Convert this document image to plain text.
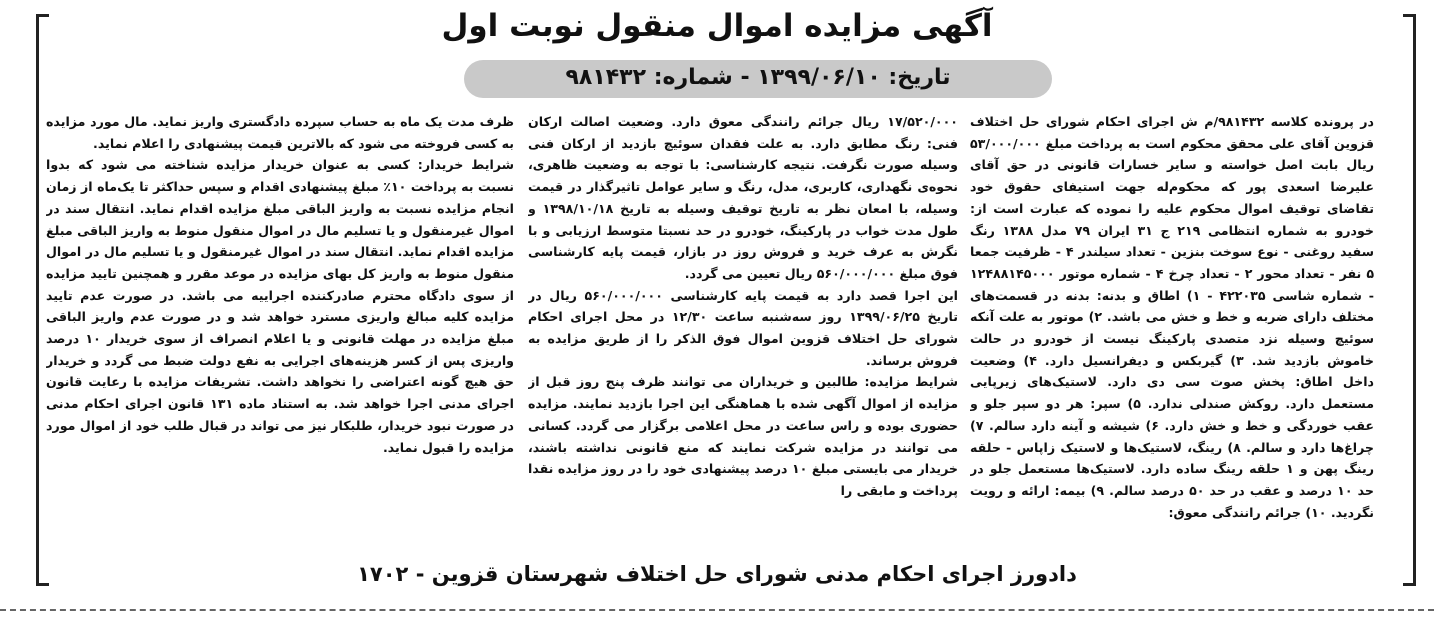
آگهی مزایده اموال منقول نوبت اول
تاریخ: ۱۳۹۹/۰۶/۱۰ - شماره: ۹۸۱۴۳۲

در پرونده کلاسه ۹۸۱۴۳۲/م ش اجرای احکام شورای حل اختلاف قزوین آقای علی محقق محکوم است به پرداخت مبلغ ۵۳/۰۰۰/۰۰۰ ریال بابت اصل خواسته و سایر خسارات قانونی در حق آقای علیرضا اسعدی پور که محکوم‌له جهت استیفای حقوق خود تقاضای توقیف اموال محکوم علیه را نموده که عبارت است از: خودرو به شماره انتظامی ۲۱۹ ج ۳۱ ایران ۷۹ مدل ۱۳۸۸ رنگ سفید روغنی - نوع سوخت بنزین - تعداد سیلندر ۴ - ظرفیت جمعا ۵ نفر - تعداد محور ۲ - تعداد چرخ ۴ - شماره موتور ۱۲۴۸۸۱۴۵۰۰۰ - شماره شاسی ۴۲۲۰۳۵ - ۱) اطاق و بدنه: بدنه در قسمت‌های مختلف دارای ضربه و خط و خش می باشد. ۲) موتور به علت آنکه سوئیچ وسیله نزد متصدی پارکینگ نیست از خودرو در حالت خاموش بازدید شد. ۳) گیربکس و دیفرانسیل دارد. ۴) وضعیت داخل اطاق: پخش صوت سی دی دارد. لاستیک‌های زیرپایی مستعمل دارد. روکش صندلی ندارد. ۵) سپر: هر دو سپر جلو و عقب خوردگی و خط و خش دارد. ۶) شیشه و آینه دارد سالم. ۷) چراغ‌ها دارد و سالم. ۸) رینگ، لاستیک‌ها و لاستیک زاپاس - حلقه رینگ پهن و ۱ حلقه رینگ ساده دارد. لاستیک‌ها مستعمل جلو در حد ۱۰ درصد و عقب در حد ۵۰ درصد سالم. ۹) بیمه: ارائه و رویت نگردید. ۱۰) جرائم رانندگی معوق:

۱۷/۵۲۰/۰۰۰ ریال جرائم رانندگی معوق دارد. وضعیت اصالت ارکان فنی: رنگ مطابق دارد. به علت فقدان سوئیچ بازدید از ارکان فنی وسیله صورت نگرفت. نتیجه کارشناسی: با توجه به وضعیت ظاهری، نحوه‌ی نگهداری، کاربری، مدل، رنگ و سایر عوامل تاثیرگذار در قیمت وسیله، با امعان نظر به تاریخ توقیف وسیله به تاریخ ۱۳۹۸/۱۰/۱۸ و طول مدت خواب در پارکینگ، خودرو در حد نسبتا متوسط ارزیابی و با نگرش به عرف خرید و فروش روز در بازار، قیمت پایه کارشناسی فوق مبلغ ۵۶۰/۰۰۰/۰۰۰ ریال تعیین می گردد.

این اجرا قصد دارد به قیمت پایه کارشناسی ۵۶۰/۰۰۰/۰۰۰ ریال در تاریخ ۱۳۹۹/۰۶/۲۵ روز سه‌شنبه ساعت ۱۲/۳۰ در محل اجرای احکام شورای حل اختلاف قزوین اموال فوق الذکر را از طریق مزایده به فروش برساند.

شرایط مزایده: طالبین و خریداران می توانند ظرف پنج روز قبل از مزایده از اموال آگهی شده با هماهنگی این اجرا بازدید نمایند. مزایده حضوری بوده و راس ساعت در محل اعلامی برگزار می گردد. کسانی می توانند در مزایده شرکت نمایند که منع قانونی نداشته باشند، خریدار می بایستی مبلغ ۱۰ درصد پیشنهادی خود را در روز مزایده نقدا پرداخت و مابقی را

ظرف مدت یک ماه به حساب سپرده دادگستری واریز نماید. مال مورد مزایده به کسی فروخته می شود که بالاترین قیمت پیشنهادی را اعلام نماید.

شرایط خریدار: کسی به عنوان خریدار مزایده شناخته می شود که بدوا نسبت به پرداخت ۱۰٪ مبلغ پیشنهادی اقدام و سپس حداکثر تا یک‌ماه از زمان انجام مزایده نسبت به واریز الباقی مبلغ مزایده اقدام نماید. انتقال سند در اموال غیرمنقول و یا تسلیم مال در اموال منقول منوط به واریز الباقی مبلغ مزایده اقدام نماید. انتقال سند در اموال غیرمنقول و یا تسلیم مال در اموال منقول منوط به واریز کل بهای مزایده در موعد مقرر و همچنین تایید مزایده از سوی دادگاه محترم صادرکننده اجراییه می باشد. در صورت عدم تایید مزایده کلیه مبالغ واریزی مسترد خواهد شد و در صورت عدم واریز الباقی مبلغ مزایده در مهلت قانونی و یا اعلام انصراف از سوی خریدار ۱۰ درصد واریزی پس از کسر هزینه‌های اجرایی به نفع دولت ضبط می گردد و خریدار حق هیچ گونه اعتراضی را نخواهد داشت. تشریفات مزایده با رعایت قانون اجرای مدنی اجرا خواهد شد. به استناد ماده ۱۳۱ قانون اجرای احکام مدنی در صورت نبود خریدار، طلبکار نیز می تواند در قبال طلب خود از اموال مورد مزایده را قبول نماید.

دادورز اجرای احکام مدنی شورای حل اختلاف شهرستان قزوین - ۱۷۰۲
